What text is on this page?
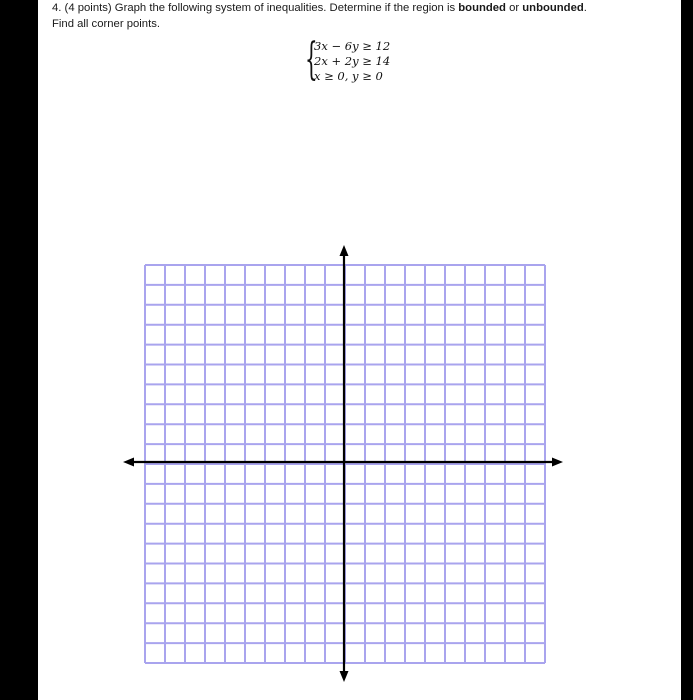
4. (4 points) Graph the following system of inequalities. Determine if the region is bounded or unbounded.
Find all corner points.
{
3x − 6y ≥ 12
2x + 2y ≥ 14
x ≥ 0, y ≥ 0
